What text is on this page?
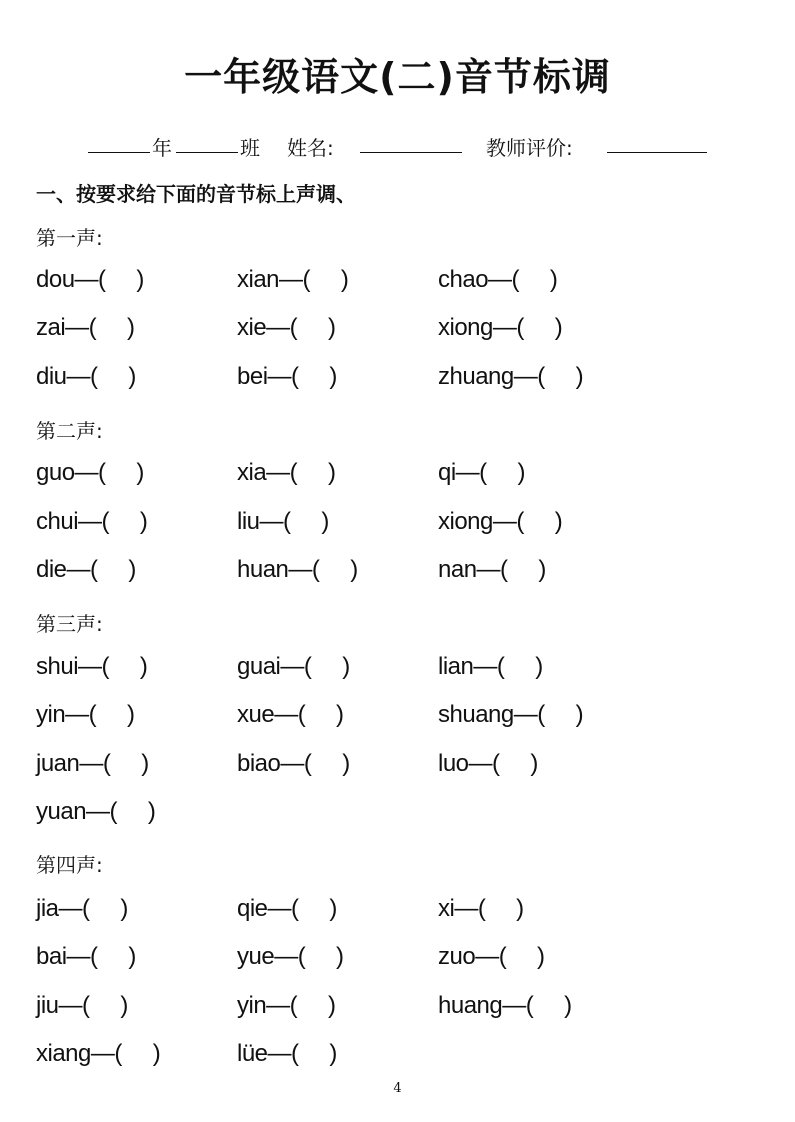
一年级语文(二)音节标调
年	班 姓名:	教师评价:
一、按要求给下面的音节标上声调、
第一声:
dou—(     )	xian—(     )	chao—(     )
zai—(     )	xie—(     )	xiong—(     )
diu—(     )	bei—(     )	zhuang—(     )
第二声:
guo—(     )	xia—(     )	qi—(     )
chui—(     )	liu—(     )	xiong—(     )
die—(     )	huan—(     )	nan—(     )
第三声:
shui—(     )	guai—(     )	lian—(     )
yin—(     )	xue—(     )	shuang—(     )
juan—(     )	biao—(     )	luo—(     )
yuan—(     )
第四声:
jia—(     )	qie—(     )	xi—(     )
bai—(     )	yue—(     )	zuo—(     )
jiu—(     )	yin—(     )	huang—(     )
xiang—(     )	lüe—(     )
4
